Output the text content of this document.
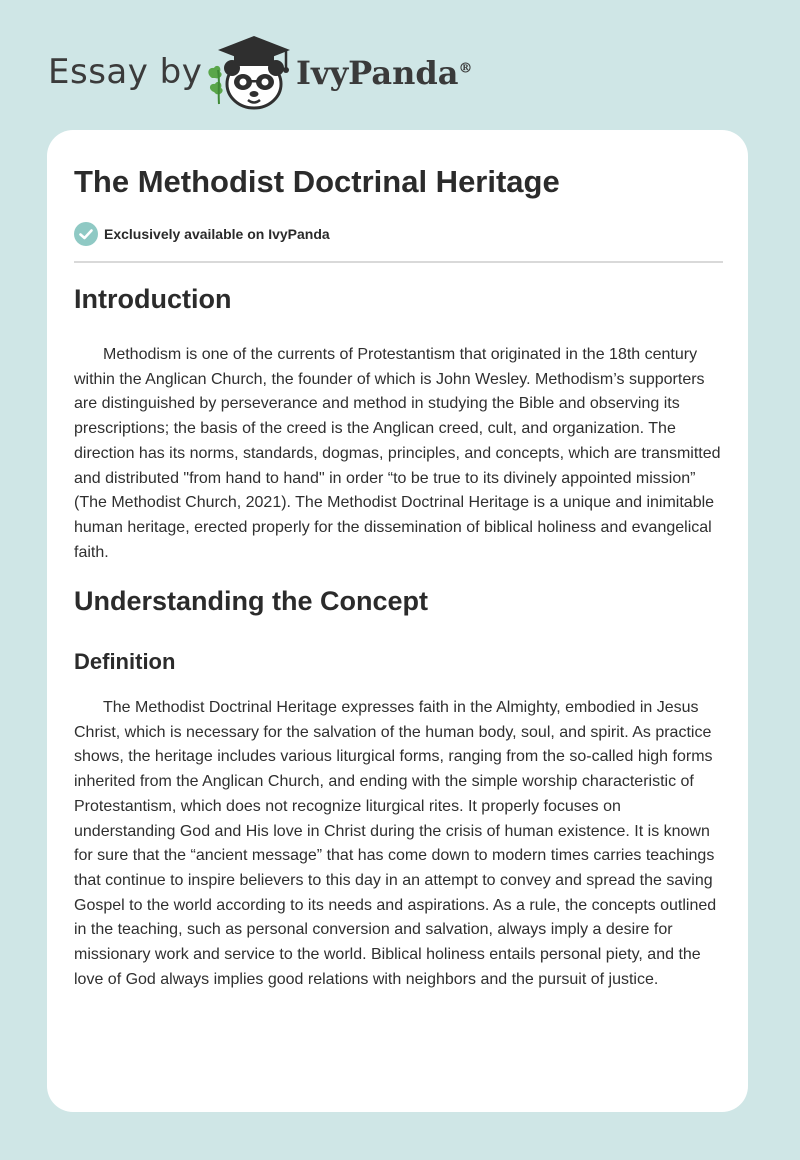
Essay by	IvyPanda®
The Methodist Doctrinal Heritage
Exclusively available on IvyPanda
Introduction

Methodism is one of the currents of Protestantism that originated in the 18th century within the Anglican Church, the founder of which is John Wesley. Methodism’s supporters are distinguished by perseverance and method in studying the Bible and observing its prescriptions; the basis of the creed is the Anglican creed, cult, and organization. The direction has its norms, standards, dogmas, principles, and concepts, which are transmitted and distributed "from hand to hand" in order “to be true to its divinely appointed mission” (The Methodist Church, 2021). The Methodist Doctrinal Heritage is a unique and inimitable human heritage, erected properly for the dissemination of biblical holiness and evangelical faith.

Understanding the Concept
Definition

The Methodist Doctrinal Heritage expresses faith in the Almighty, embodied in Jesus Christ, which is necessary for the salvation of the human body, soul, and spirit. As practice shows, the heritage includes various liturgical forms, ranging from the so-called high forms inherited from the Anglican Church, and ending with the simple worship characteristic of Protestantism, which does not recognize liturgical rites. It properly focuses on understanding God and His love in Christ during the crisis of human existence. It is known for sure that the “ancient message” that has come down to modern times carries teachings that continue to inspire believers to this day in an attempt to convey and spread the saving Gospel to the world according to its needs and aspirations. As a rule, the concepts outlined in the teaching, such as personal conversion and salvation, always imply a desire for missionary work and service to the world. Biblical holiness entails personal piety, and the love of God always implies good relations with neighbors and the pursuit of justice.
